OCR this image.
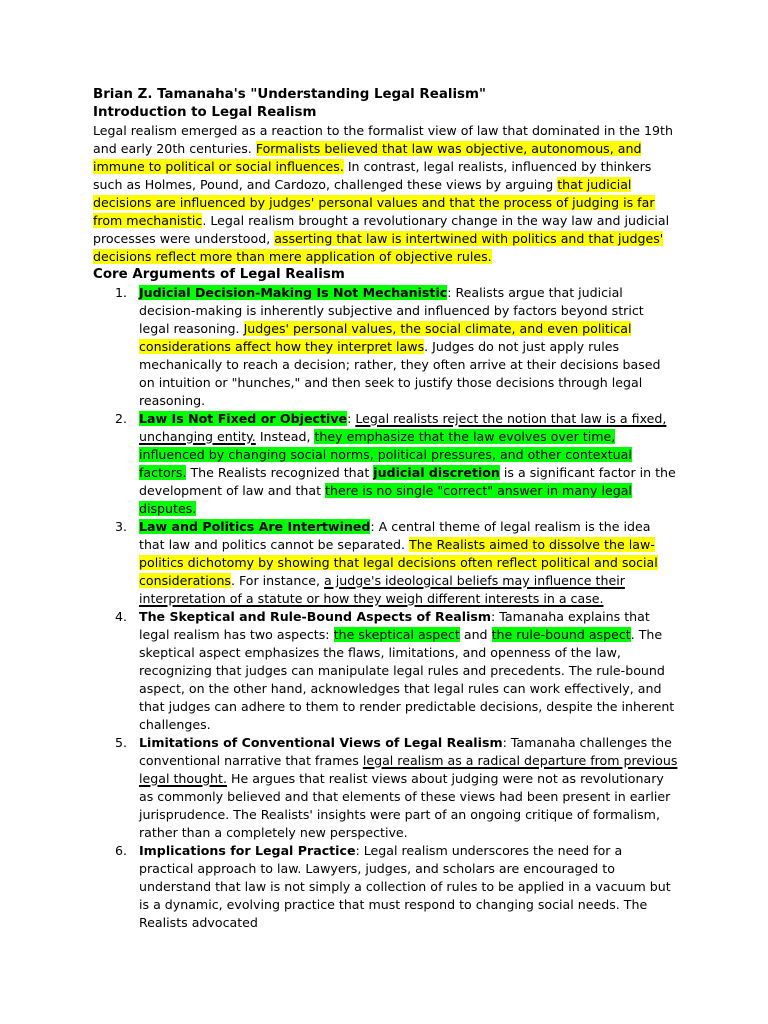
Brian Z. Tamanaha's "Understanding Legal Realism"

Introduction to Legal Realism

Legal realism emerged as a reaction to the formalist view of law that dominated in the 19th and early 20th centuries. Formalists believed that law was objective, autonomous, and immune to political or social influences. In contrast, legal realists, influenced by thinkers such as Holmes, Pound, and Cardozo, challenged these views by arguing that judicial decisions are influenced by judges' personal values and that the process of judging is far from mechanistic. Legal realism brought a revolutionary change in the way law and judicial processes were understood, asserting that law is intertwined with politics and that judges' decisions reflect more than mere application of objective rules.

Core Arguments of Legal Realism

1. Judicial Decision-Making Is Not Mechanistic: Realists argue that judicial decision-making is inherently subjective and influenced by factors beyond strict legal reasoning. Judges' personal values, the social climate, and even political considerations affect how they interpret laws. Judges do not just apply rules mechanically to reach a decision; rather, they often arrive at their decisions based on intuition or "hunches," and then seek to justify those decisions through legal reasoning.
2. Law Is Not Fixed or Objective: Legal realists reject the notion that law is a fixed, unchanging entity. Instead, they emphasize that the law evolves over time, influenced by changing social norms, political pressures, and other contextual factors. The Realists recognized that judicial discretion is a significant factor in the development of law and that there is no single "correct" answer in many legal disputes.
3. Law and Politics Are Intertwined: A central theme of legal realism is the idea that law and politics cannot be separated. The Realists aimed to dissolve the law-politics dichotomy by showing that legal decisions often reflect political and social considerations. For instance, a judge's ideological beliefs may influence their interpretation of a statute or how they weigh different interests in a case.
4. The Skeptical and Rule-Bound Aspects of Realism: Tamanaha explains that legal realism has two aspects: the skeptical aspect and the rule-bound aspect. The skeptical aspect emphasizes the flaws, limitations, and openness of the law, recognizing that judges can manipulate legal rules and precedents. The rule-bound aspect, on the other hand, acknowledges that legal rules can work effectively, and that judges can adhere to them to render predictable decisions, despite the inherent challenges.
5. Limitations of Conventional Views of Legal Realism: Tamanaha challenges the conventional narrative that frames legal realism as a radical departure from previous legal thought. He argues that realist views about judging were not as revolutionary as commonly believed and that elements of these views had been present in earlier jurisprudence. The Realists' insights were part of an ongoing critique of formalism, rather than a completely new perspective.
6. Implications for Legal Practice: Legal realism underscores the need for a practical approach to law. Lawyers, judges, and scholars are encouraged to understand that law is not simply a collection of rules to be applied in a vacuum but is a dynamic, evolving practice that must respond to changing social needs. The Realists advocated
